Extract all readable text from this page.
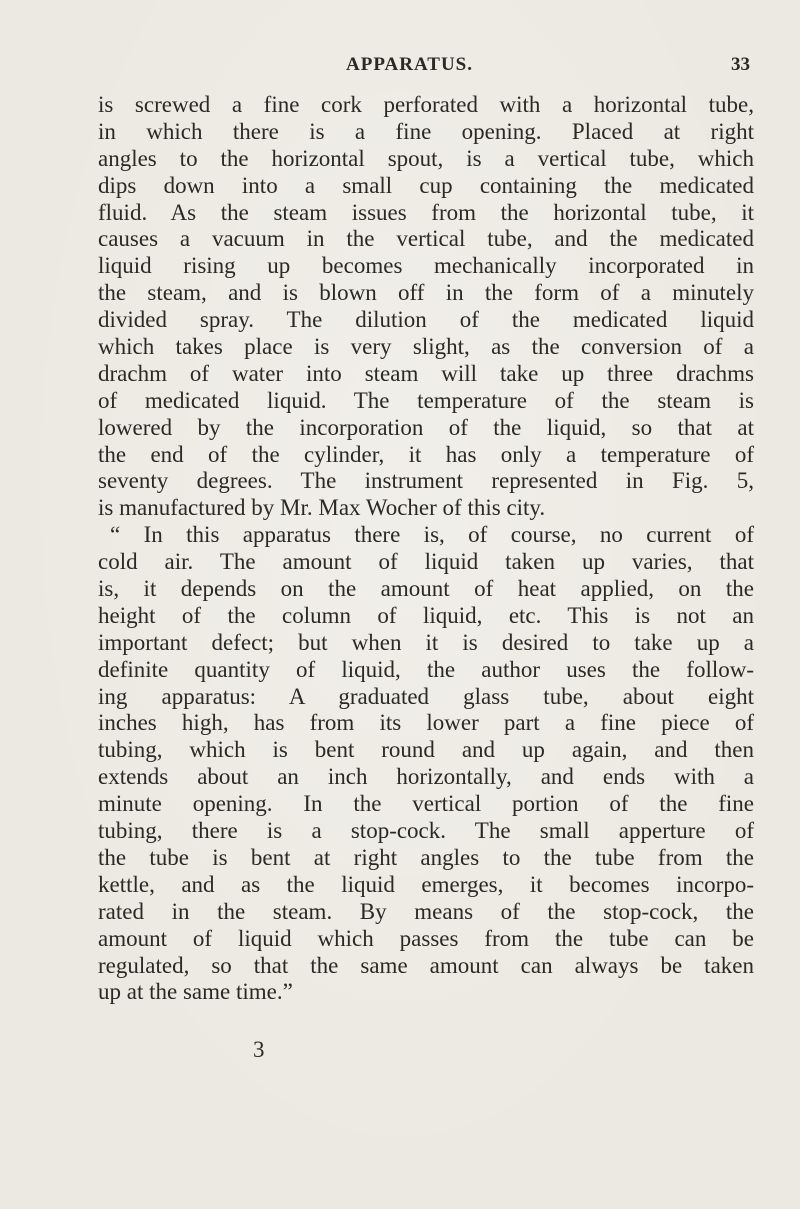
APPARATUS.	33
is screwed a fine cork perforated with a horizontal tube,
in which there is a fine opening. Placed at right
angles to the horizontal spout, is a vertical tube, which
dips down into a small cup containing the medicated
fluid. As the steam issues from the horizontal tube, it
causes a vacuum in the vertical tube, and the medicated
liquid rising up becomes mechanically incorporated in
the steam, and is blown off in the form of a minutely
divided spray. The dilution of the medicated liquid
which takes place is very slight, as the conversion of a
drachm of water into steam will take up three drachms
of medicated liquid. The temperature of the steam is
lowered by the incorporation of the liquid, so that at
the end of the cylinder, it has only a temperature of
seventy degrees. The instrument represented in Fig. 5,
is manufactured by Mr. Max Wocher of this city.
“ In this apparatus there is, of course, no current of
cold air. The amount of liquid taken up varies, that
is, it depends on the amount of heat applied, on the
height of the column of liquid, etc. This is not an
important defect; but when it is desired to take up a
definite quantity of liquid, the author uses the follow-
ing apparatus: A graduated glass tube, about eight
inches high, has from its lower part a fine piece of
tubing, which is bent round and up again, and then
extends about an inch horizontally, and ends with a
minute opening. In the vertical portion of the fine
tubing, there is a stop-cock. The small apperture of
the tube is bent at right angles to the tube from the
kettle, and as the liquid emerges, it becomes incorpo-
rated in the steam. By means of the stop-cock, the
amount of liquid which passes from the tube can be
regulated, so that the same amount can always be taken
up at the same time.”
3
